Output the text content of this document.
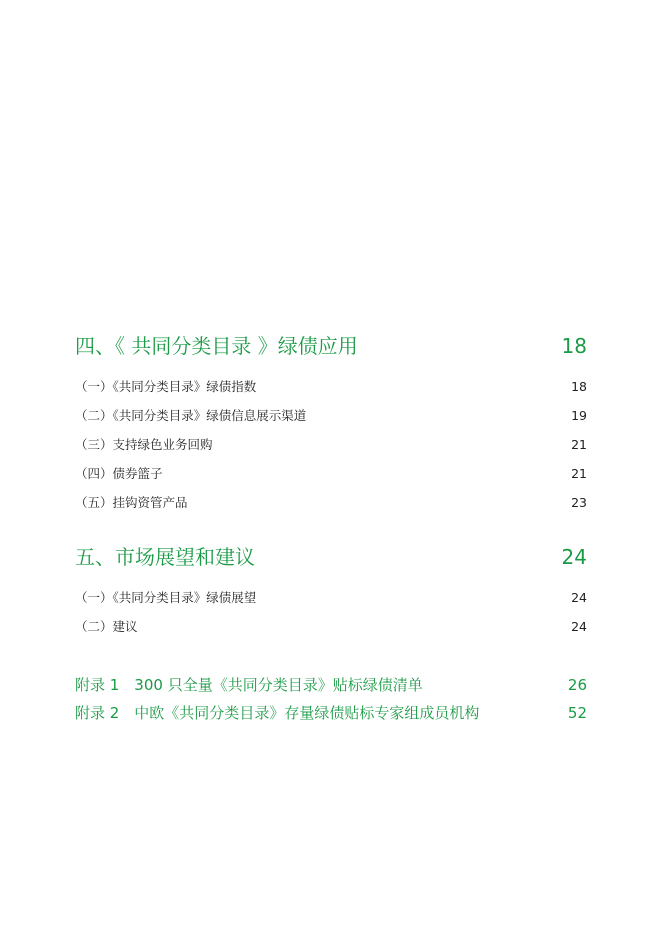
四、《 共同分类目录 》绿债应用	18
（一）《共同分类目录》绿债指数	18
（二）《共同分类目录》绿债信息展示渠道	19
（三）支持绿色业务回购	21
（四）债券篮子	21
（五）挂钩资管产品	23
五、市场展望和建议	24
（一）《共同分类目录》绿债展望	24
（二）建议	24
附录 1　300 只全量《共同分类目录》贴标绿债清单	26
附录 2　中欧《共同分类目录》存量绿债贴标专家组成员机构	52
